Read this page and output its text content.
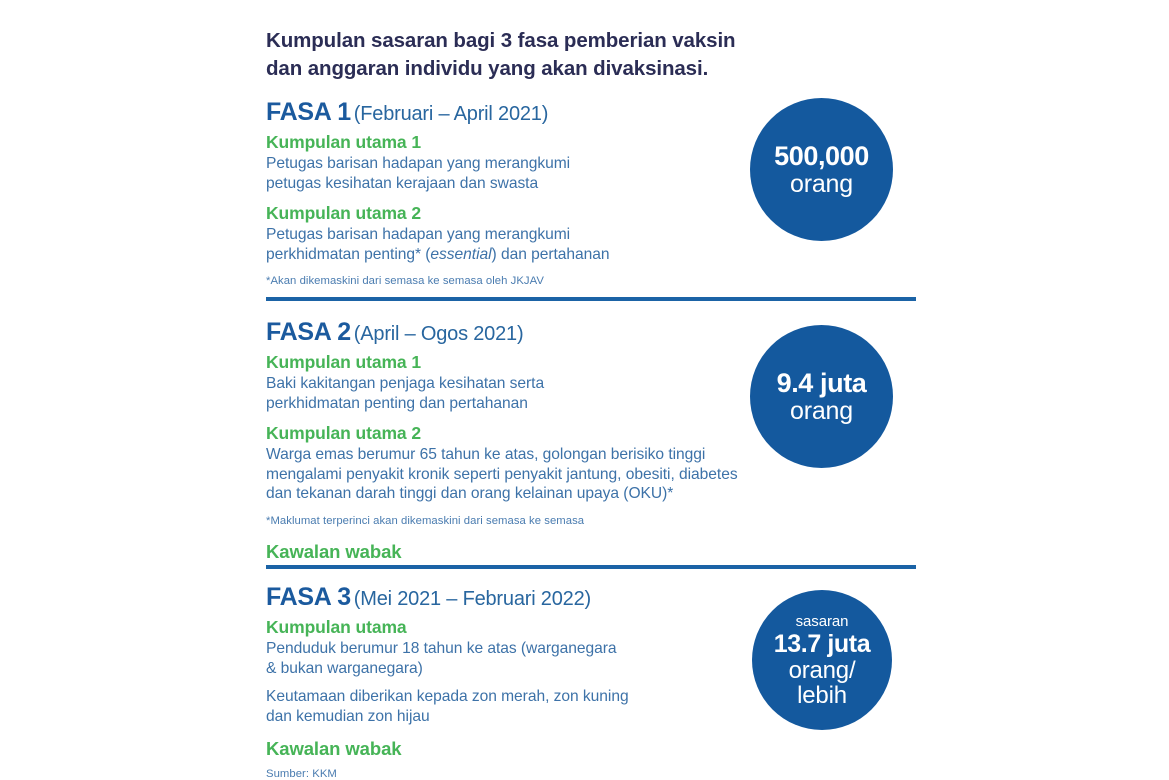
Kumpulan sasaran bagi 3 fasa pemberian vaksin
dan anggaran individu yang akan divaksinasi.
FASA 1 (Februari – April 2021)
Kumpulan utama 1
Petugas barisan hadapan yang merangkumi
petugas kesihatan kerajaan dan swasta
Kumpulan utama 2
Petugas barisan hadapan yang merangkumi
perkhidmatan penting* (essential) dan pertahanan
*Akan dikemaskini dari semasa ke semasa oleh JKJAV
FASA 2 (April – Ogos 2021)
Kumpulan utama 1
Baki kakitangan penjaga kesihatan serta
perkhidmatan penting dan pertahanan
Kumpulan utama 2
Warga emas berumur 65 tahun ke atas, golongan berisiko tinggi
mengalami penyakit kronik seperti penyakit jantung, obesiti, diabetes
dan tekanan darah tinggi dan orang kelainan upaya (OKU)*
*Maklumat terperinci akan dikemaskini dari semasa ke semasa
Kawalan wabak
FASA 3 (Mei 2021 – Februari 2022)
Kumpulan utama
Penduduk berumur 18 tahun ke atas (warganegara
& bukan warganegara)
Keutamaan diberikan kepada zon merah, zon kuning
dan kemudian zon hijau
Kawalan wabak
Sumber: KKM
500,000
orang
9.4 juta
orang
sasaran
13.7 juta
orang/
lebih
